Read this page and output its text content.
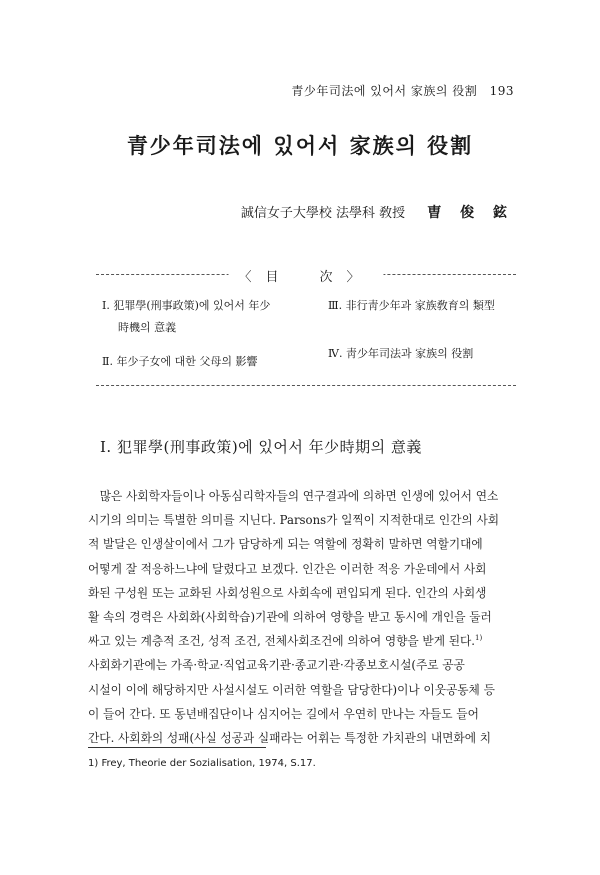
青少年司法에 있어서 家族의 役割 193
青少年司法에 있어서 家族의 役割
誠信女子大學校 法學科 敎授 曺 俊 鉉
〈目　次〉
I. 犯罪學(刑事政策)에 있어서 年少
時機의 意義
Ⅱ. 年少子女에 대한 父母의 影響
Ⅲ. 非行靑少年과 家族敎育의 類型
Ⅳ. 靑少年司法과 家族의 役割
I. 犯罪學(刑事政策)에 있어서 年少時期의 意義
　많은 사회학자들이나 아동심리학자들의 연구결과에 의하면 인생에 있어서 연소
시기의 의미는 특별한 의미를 지닌다. Parsons가 일찍이 지적한대로 인간의 사회
적 발달은 인생살이에서 그가 담당하게 되는 역할에 정확히 말하면 역할기대에
어떻게 잘 적응하느냐에 달렸다고 보겠다. 인간은 이러한 적응 가운데에서 사회
화된 구성원 또는 교화된 사회성원으로 사회속에 편입되게 된다. 인간의 사회생
활 속의 경력은 사회화(사회학습)기관에 의하여 영향을 받고 동시에 개인을 둘러
싸고 있는 계층적 조건, 성적 조건, 전체사회조건에 의하여 영향을 받게 된다.$^{1)}$
사회화기관에는 가족·학교·직업교육기관·종교기관·각종보호시설(주로 공공
시설이 이에 해당하지만 사설시설도 이러한 역할을 담당한다)이나 이웃공동체 등
이 들어 간다. 또 동년배집단이나 심지어는 길에서 우연히 만나는 자들도 들어
간다. 사회화의 성패(사실 성공과 실패라는 어휘는 특정한 가치관의 내면화에 치
1) Frey, Theorie der Sozialisation, 1974, S.17.
